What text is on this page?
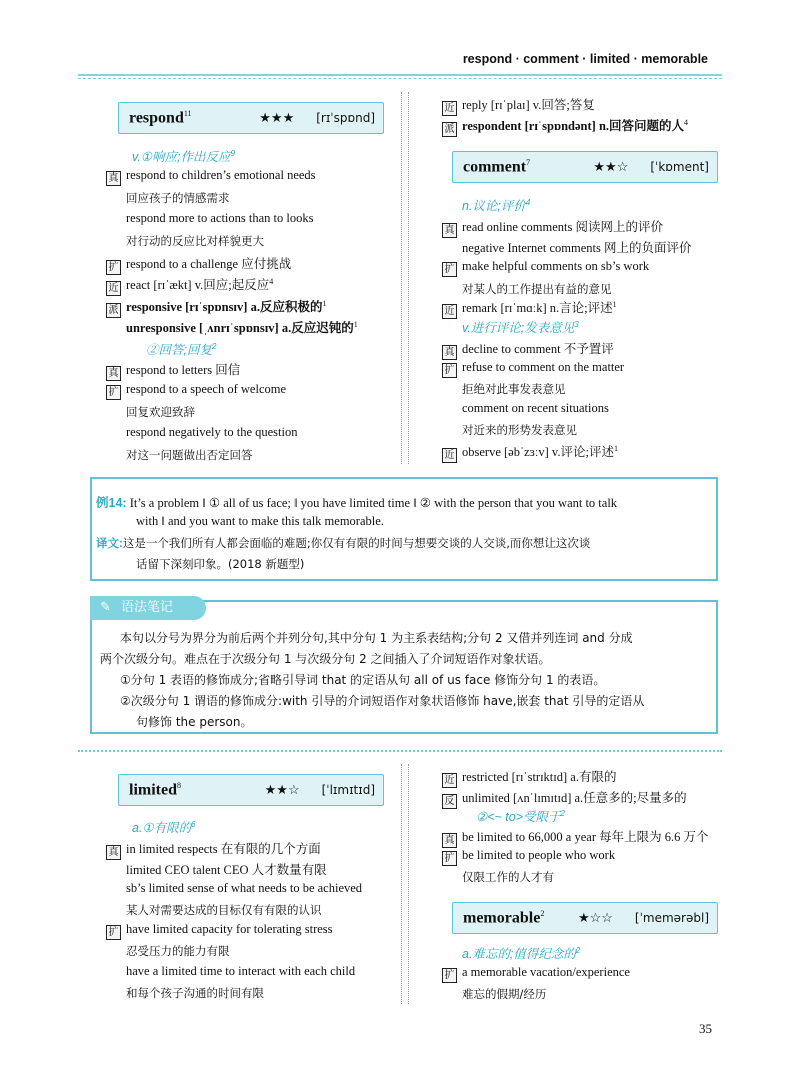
respond · comment · limited · memorable
respond$^{11}$	★★★ [rɪˈspɒnd]
v.①响应;作出反应$^9$
真 respond to children’s emotional needs
回应孩子的情感需求
respond more to actions than to looks
对行动的反应比对样貌更大
扩 respond to a challenge 应付挑战
近 react [rɪˈækt] v.回应;起反应$^4$
派 responsive [rɪˈspɒnsɪv] a.反应积极的$^1$
unresponsive [ˌʌnrɪˈspɒnsɪv] a.反应迟钝的$^1$
②回答;回复$^2$
真 respond to letters 回信
扩 respond to a speech of welcome
回复欢迎致辞
respond negatively to the question
对这一问题做出否定回答
近 reply [rɪˈplaɪ] v.回答;答复
派 respondent [rɪˈspɒndənt] n.回答问题的人$^4$
comment$^7$	★★☆ [ˈkɒment]
n.议论;评价$^4$
真 read online comments 阅读网上的评价
negative Internet comments 网上的负面评价
扩 make helpful comments on sb’s work
对某人的工作提出有益的意见
近 remark [rɪˈmɑːk] n.言论;评述$^1$
v.进行评论;发表意见$^3$
真 decline to comment 不予置评
扩 refuse to comment on the matter
拒绝对此事发表意见
comment on recent situations
对近来的形势发表意见
近 observe [əbˈzɜːv] v.评论;评述$^1$
例14: It’s a problem ‖ ① all of us face; ‖ you have limited time ‖ ② with the person that you want to talk
with ‖ and you want to make this talk memorable.
译文:这是一个我们所有人都会面临的难题;你仅有有限的时间与想要交谈的人交谈,而你想让这次谈
话留下深刻印象。(2018 新题型)
✎ 语法笔记
本句以分号为界分为前后两个并列分句,其中分句 1 为主系表结构;分句 2 又借并列连词 and 分成
两个次级分句。难点在于次级分句 1 与次级分句 2 之间插入了介词短语作对象状语。
①分句 1 表语的修饰成分;省略引导词 that 的定语从句 all of us face 修饰分句 1 的表语。
②次级分句 1 谓语的修饰成分:with 引导的介词短语作对象状语修饰 have,嵌套 that 引导的定语从
句修饰 the person。
limited$^8$	★★☆ [ˈlɪmɪtɪd]
a.①有限的$^6$
真 in limited respects 在有限的几个方面
limited CEO talent CEO 人才数量有限
sb’s limited sense of what needs to be achieved
某人对需要达成的目标仅有有限的认识
扩 have limited capacity for tolerating stress
忍受压力的能力有限
have a limited time to interact with each child
和每个孩子沟通的时间有限
近 restricted [rɪˈstrɪktɪd] a.有限的
反 unlimited [ʌnˈlɪmɪtɪd] a.任意多的;尽量多的
②<~ to>受限于$^2$
真 be limited to 66,000 a year 每年上限为 6.6 万个
扩 be limited to people who work
仅限工作的人才有
memorable$^2$	★☆☆ [ˈmemərəbl]
a.难忘的;值得纪念的$^2$
扩 a memorable vacation/experience
难忘的假期/经历
35
